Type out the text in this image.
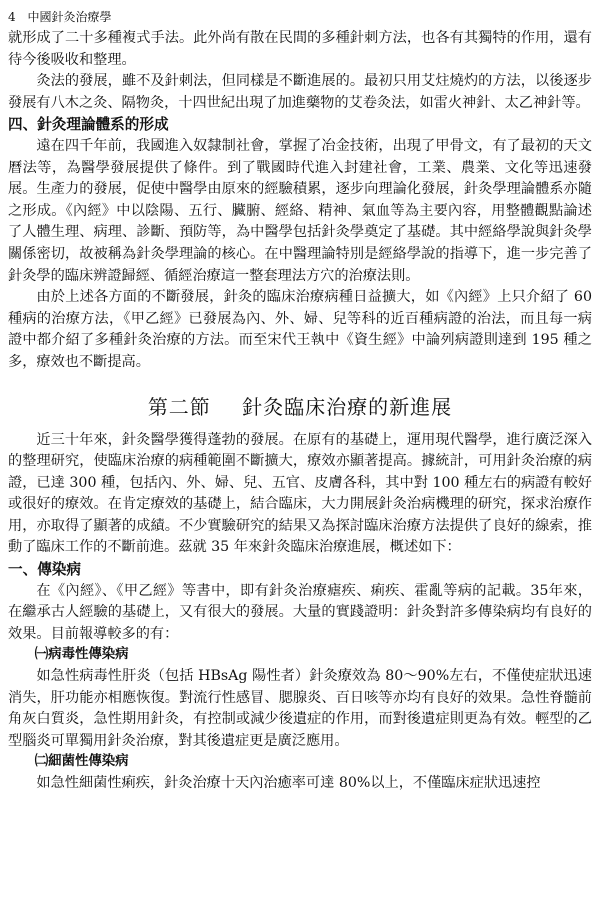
4 中國針灸治療學

就形成了二十多種複式手法。此外尚有散在民間的多種針刺方法，也各有其獨特的作用，還有待今後吸收和整理。

灸法的發展，雖不及針刺法，但同樣是不斷進展的。最初只用艾炷燒灼的方法，以後逐步發展有八木之灸、隔物灸，十四世紀出現了加進藥物的艾卷灸法，如雷火神針、太乙神針等。

四、針灸理論體系的形成

遠在四千年前，我國進入奴隸制社會，掌握了冶金技術，出現了甲骨文，有了最初的天文曆法等，為醫學發展提供了條件。到了戰國時代進入封建社會，工業、農業、文化等迅速發展。生產力的發展，促使中醫學由原來的經驗積累，逐步向理論化發展，針灸學理論體系亦隨之形成。《內經》中以陰陽、五行、臟腑、經絡、精神、氣血等為主要內容，用整體觀點論述了人體生理、病理、診斷、預防等，為中醫學包括針灸學奠定了基礎。其中經絡學說與針灸學關係密切，故被稱為針灸學理論的核心。在中醫理論特別是經絡學說的指導下，進一步完善了針灸學的臨床辨證歸經、循經治療這一整套理法方穴的治療法則。

由於上述各方面的不斷發展，針灸的臨床治療病種日益擴大，如《內經》上只介紹了 60 種病的治療方法，《甲乙經》已發展為內、外、婦、兒等科的近百種病證的治法，而且每一病證中都介紹了多種針灸治療的方法。而至宋代王執中《資生經》中論列病證則達到 195 種之多，療效也不斷提高。

第二節 針灸臨床治療的新進展

近三十年來，針灸醫學獲得蓬勃的發展。在原有的基礎上，運用現代醫學，進行廣泛深入的整理研究，使臨床治療的病種範圍不斷擴大，療效亦顯著提高。據統計，可用針灸治療的病證，已達 300 種，包括內、外、婦、兒、五官、皮膚各科，其中對 100 種左右的病證有較好或很好的療效。在肯定療效的基礎上，結合臨床，大力開展針灸治病機理的研究，探求治療作用，亦取得了顯著的成績。不少實驗研究的結果又為探討臨床治療方法提供了良好的線索，推動了臨床工作的不斷前進。茲就 35 年來針灸臨床治療進展，概述如下：

一、傳染病

在《內經》、《甲乙經》等書中，即有針灸治療瘧疾、痢疾、霍亂等病的記載。35年來，在繼承古人經驗的基礎上，又有很大的發展。大量的實踐證明：針灸對許多傳染病均有良好的效果。目前報導較多的有：

㈠病毒性傳染病

如急性病毒性肝炎（包括 HBsAg 陽性者）針灸療效為 80～90%左右，不僅使症狀迅速消失，肝功能亦相應恢復。對流行性感冒、腮腺炎、百日咳等亦均有良好的效果。急性脊髓前角灰白質炎，急性期用針灸，有控制或減少後遺症的作用，而對後遺症則更為有效。輕型的乙型腦炎可單獨用針灸治療，對其後遺症更是廣泛應用。

㈡細菌性傳染病

如急性細菌性痢疾，針灸治療十天內治癒率可達 80%以上，不僅臨床症狀迅速控
